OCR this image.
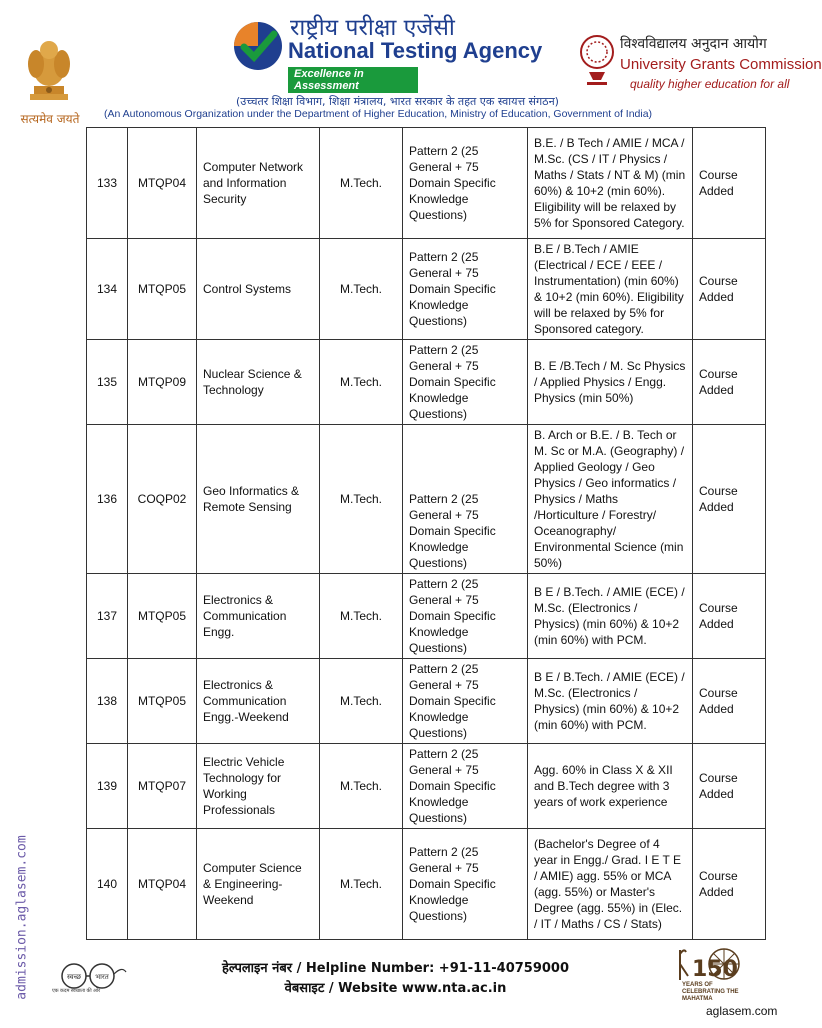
सत्यमेव जयते
राष्ट्रीय परीक्षा एजेंसी
National Testing Agency
Excellence in Assessment
विश्वविद्यालय अनुदान आयोग
University Grants Commission
quality higher education for all
(उच्चतर शिक्षा विभाग, शिक्षा मंत्रालय, भारत सरकार के तहत एक स्वायत्त संगठन)
(An Autonomous Organization under the Department of Higher Education, Ministry of Education, Government of India)
133	MTQP04	Computer Network and Information Security	M.Tech.	Pattern 2 (25 General + 75 Domain Specific Knowledge Questions)	B.E. / B Tech / AMIE / MCA / M.Sc. (CS / IT / Physics / Maths / Stats / NT & M) (min 60%) & 10+2 (min 60%). Eligibility will be relaxed by 5% for Sponsored Category.	Course Added
134	MTQP05	Control Systems	M.Tech.	Pattern 2 (25 General + 75 Domain Specific Knowledge Questions)	B.E / B.Tech / AMIE (Electrical / ECE / EEE / Instrumentation) (min 60%) & 10+2 (min 60%). Eligibility will be relaxed by 5% for Sponsored category.	Course Added
135	MTQP09	Nuclear Science & Technology	M.Tech.	Pattern 2 (25 General + 75 Domain Specific Knowledge Questions)	B. E /B.Tech / M. Sc Physics / Applied Physics / Engg. Physics (min 50%)	Course Added
136	COQP02	Geo Informatics & Remote Sensing	M.Tech.	Pattern 2 (25 General + 75 Domain Specific Knowledge Questions)	B. Arch or B.E. / B. Tech or M. Sc or M.A. (Geography) / Applied Geology / Geo Physics / Geo informatics / Physics / Maths /Horticulture / Forestry/ Oceanography/ Environmental Science (min 50%)	Course Added
137	MTQP05	Electronics & Communication Engg.	M.Tech.	Pattern 2 (25 General + 75 Domain Specific Knowledge Questions)	B E / B.Tech. / AMIE (ECE) / M.Sc. (Electronics / Physics) (min 60%) & 10+2 (min 60%) with PCM.	Course Added
138	MTQP05	Electronics & Communication Engg.-Weekend	M.Tech.	Pattern 2 (25 General + 75 Domain Specific Knowledge Questions)	B E / B.Tech. / AMIE (ECE) / M.Sc. (Electronics / Physics) (min 60%) & 10+2 (min 60%) with PCM.	Course Added
139	MTQP07	Electric Vehicle Technology for Working Professionals	M.Tech.	Pattern 2 (25 General + 75 Domain Specific Knowledge Questions)	Agg. 60% in Class X & XII and B.Tech degree with 3 years of work experience	Course Added
140	MTQP04	Computer Science & Engineering-Weekend	M.Tech.	Pattern 2 (25 General + 75 Domain Specific Knowledge Questions)	(Bachelor's Degree of 4 year in Engg./ Grad. I E T E / AMIE) agg. 55% or MCA (agg. 55%) or Master's Degree (agg. 55%) in (Elec. / IT / Maths / CS / Stats)	Course Added
admission.aglasem.com	स्वच्छ भारत
एक कदम स्वच्छता की ओर
हेल्पलाइन नंबर / Helpline Number: +91-11-40759000
वेबसाइट / Website www.nta.ac.in
150
YEARS OF CELEBRATING THE MAHATMA
aglasem.com
